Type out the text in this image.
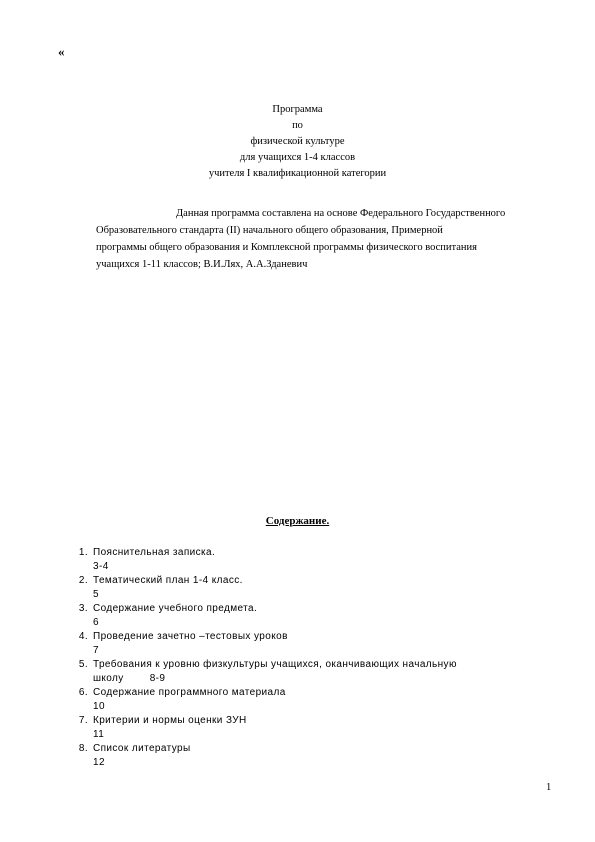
«
Программа
по
физической культуре
для учащихся 1-4 классов
учителя I квалификационной категории
Данная программа составлена на основе Федерального Государственного
Образовательного стандарта (II) начального общего образования, Примерной
программы общего образования и Комплексной программы физического воспитания
учащихся 1-11 классов; В.И.Лях, А.А.Зданевич
Содержание.
1. Пояснительная записка.
3-4
2. Тематический план 1-4 класс.
5
3. Содержание учебного предмета.
6
4. Проведение зачетно –тестовых уроков
7
5. Требования к уровню физкультуры учащихся, оканчивающих начальную
школу	8-9
6. Содержание программного материала
10
7. Критерии и нормы оценки ЗУН
11
8. Список литературы
12
1
